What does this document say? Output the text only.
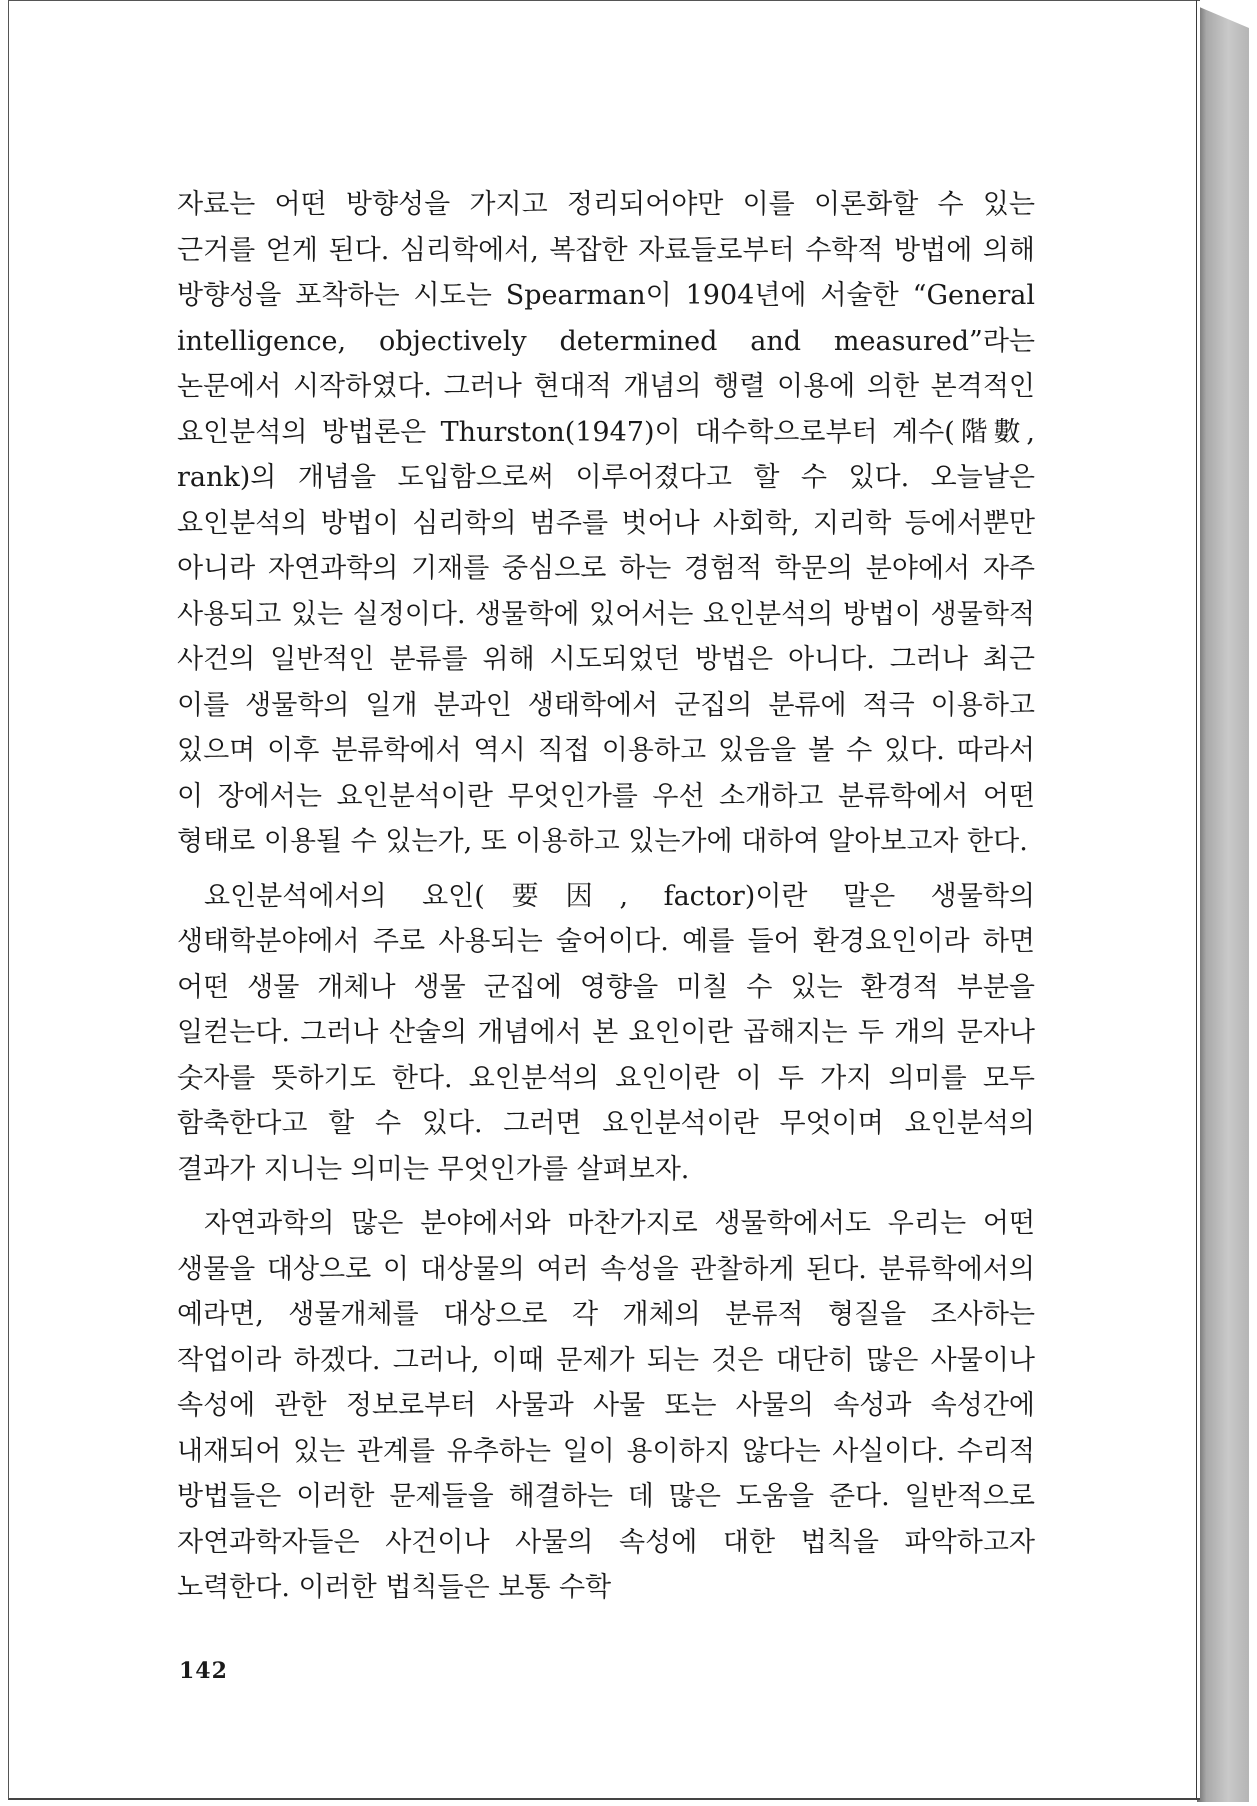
자료는 어떤 방향성을 가지고 정리되어야만 이를 이론화할 수 있는 근거를 얻게 된다. 심리학에서, 복잡한 자료들로부터 수학적 방법에 의해 방향성을 포착하는 시도는 Spearman이 1904년에 서술한 “General intelligence, objectively determined and measured”라는 논문에서 시작하였다. 그러나 현대적 개념의 행렬 이용에 의한 본격적인 요인분석의 방법론은 Thurston(1947)이 대수학으로부터 계수(階數, rank)의 개념을 도입함으로써 이루어졌다고 할 수 있다. 오늘날은 요인분석의 방법이 심리학의 범주를 벗어나 사회학, 지리학 등에서뿐만 아니라 자연과학의 기재를 중심으로 하는 경험적 학문의 분야에서 자주 사용되고 있는 실정이다. 생물학에 있어서는 요인분석의 방법이 생물학적 사건의 일반적인 분류를 위해 시도되었던 방법은 아니다. 그러나 최근 이를 생물학의 일개 분과인 생태학에서 군집의 분류에 적극 이용하고 있으며 이후 분류학에서 역시 직접 이용하고 있음을 볼 수 있다. 따라서 이 장에서는 요인분석이란 무엇인가를 우선 소개하고 분류학에서 어떤 형태로 이용될 수 있는가, 또 이용하고 있는가에 대하여 알아보고자 한다.

요인분석에서의 요인(要因, factor)이란 말은 생물학의 생태학분야에서 주로 사용되는 술어이다. 예를 들어 환경요인이라 하면 어떤 생물 개체나 생물 군집에 영향을 미칠 수 있는 환경적 부분을 일컫는다. 그러나 산술의 개념에서 본 요인이란 곱해지는 두 개의 문자나 숫자를 뜻하기도 한다. 요인분석의 요인이란 이 두 가지 의미를 모두 함축한다고 할 수 있다. 그러면 요인분석이란 무엇이며 요인분석의 결과가 지니는 의미는 무엇인가를 살펴보자.

자연과학의 많은 분야에서와 마찬가지로 생물학에서도 우리는 어떤 생물을 대상으로 이 대상물의 여러 속성을 관찰하게 된다. 분류학에서의 예라면, 생물개체를 대상으로 각 개체의 분류적 형질을 조사하는 작업이라 하겠다. 그러나, 이때 문제가 되는 것은 대단히 많은 사물이나 속성에 관한 정보로부터 사물과 사물 또는 사물의 속성과 속성간에 내재되어 있는 관계를 유추하는 일이 용이하지 않다는 사실이다. 수리적 방법들은 이러한 문제들을 해결하는 데 많은 도움을 준다. 일반적으로 자연과학자들은 사건이나 사물의 속성에 대한 법칙을 파악하고자 노력한다. 이러한 법칙들은 보통 수학

142
